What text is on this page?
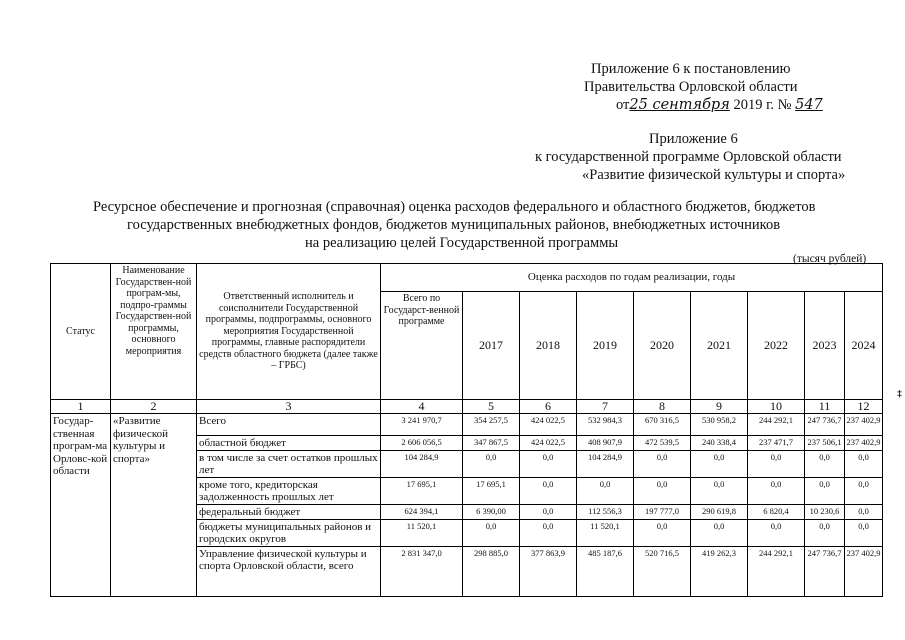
Приложение 6 к постановлению
Правительства Орловской области
от25 сентября 2019 г. № 547
Приложение 6
к государственной программе Орловской области
«Развитие физической культуры и спорта»
Ресурсное обеспечение и прогнозная (справочная) оценка расходов федерального и областного бюджетов, бюджетов
государственных внебюджетных фондов, бюджетов муниципальных районов, внебюджетных источников
на реализацию целей Государственной программы
(тысяч рублей)
Статус	Наименование Государствен-ной програм-мы, подпро-граммы Государствен-ной программы, основного мероприятия	Ответственный исполнитель и соисполнители Государственной программы, подпрограммы, основного мероприятия Государственной программы, главные распорядители средств областного бюджета (далее также – ГРБС)	Оценка расходов по годам реализации, годы								
			Всего по Государст-венной программе	2017	2018	2019	2020	2021	2022	2023	2024
1	2	3	4	5	6	7	8	9	10	11	12
Государ-ственная програм-ма Орловс-кой области	«Развитие физической культуры и спорта»	Всего	3 241 970,7	354 257,5	424 022,5	532 984,3	670 316,5	530 958,2	244 292,1	247 736,7	237 402,9
		областной бюджет	2 606 056,5	347 867,5	424 022,5	408 907,9	472 539,5	240 338,4	237 471,7	237 506,1	237 402,9
		в том числе за счет остатков прошлых лет	104 284,9	0,0	0,0	104 284,9	0,0	0,0	0,0	0,0	0,0
		кроме того, кредиторская задолженность прошлых лет	17 695,1	17 695,1	0,0	0,0	0,0	0,0	0,0	0,0	0,0
		федеральный бюджет	624 394,1	6 390,00	0,0	112 556,3	197 777,0	290 619,8	6 820,4	10 230,6	0,0
		бюджеты муниципальных районов и городских округов	11 520,1	0,0	0,0	11 520,1	0,0	0,0	0,0	0,0	0,0
		Управление физической культуры и спорта Орловской области, всего	2 831 347,0	298 885,0	377 863,9	485 187,6	520 716,5	419 262,3	244 292,1	247 736,7	237 402,9
‡
